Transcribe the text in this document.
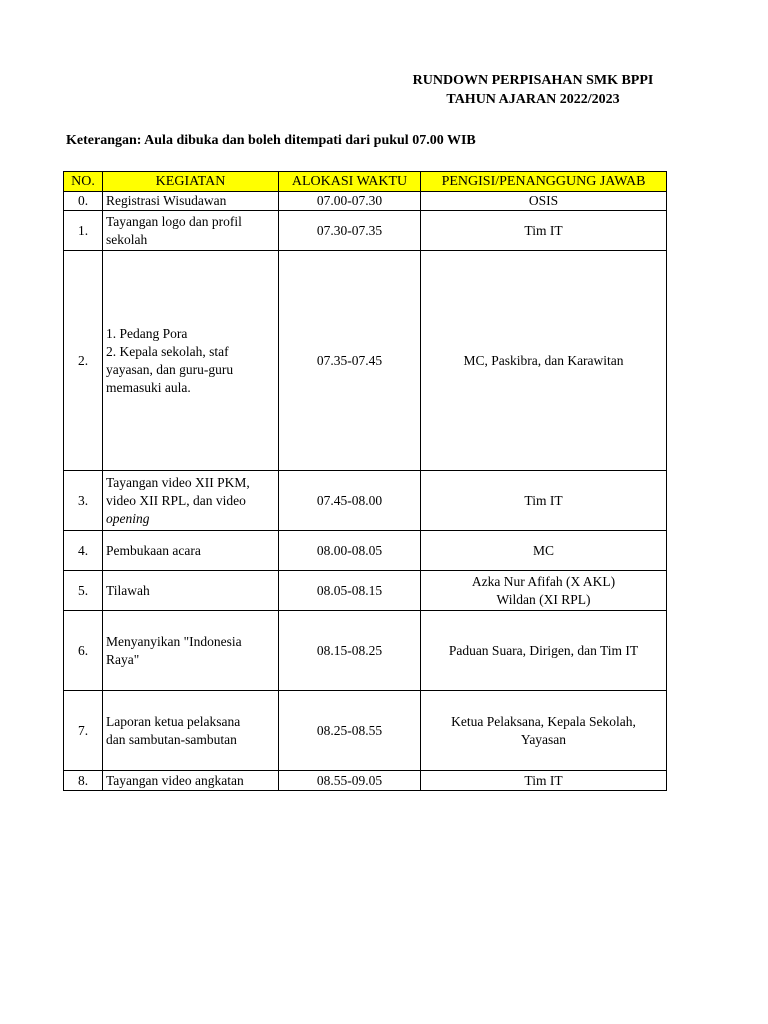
RUNDOWN PERPISAHAN SMK BPPI
TAHUN AJARAN 2022/2023
Keterangan: Aula dibuka dan boleh ditempati dari pukul 07.00 WIB
NO.	KEGIATAN	ALOKASI WAKTU	PENGISI/PENANGGUNG JAWAB
0.	Registrasi Wisudawan	07.00-07.30	OSIS
1.	Tayangan logo dan profil
sekolah	07.30-07.35	Tim IT
2.	1. Pedang Pora
2. Kepala sekolah, staf
yayasan, dan guru-guru
memasuki aula.	07.35-07.45	MC, Paskibra, dan Karawitan
3.	Tayangan video XII PKM,
video XII RPL, dan video
opening	07.45-08.00	Tim IT
4.	Pembukaan acara	08.00-08.05	MC
5.	Tilawah	08.05-08.15	Azka Nur Afifah (X AKL)
Wildan (XI RPL)
6.	Menyanyikan "Indonesia
Raya"	08.15-08.25	Paduan Suara, Dirigen, dan Tim IT
7.	Laporan ketua pelaksana
dan sambutan-sambutan	08.25-08.55	Ketua Pelaksana, Kepala Sekolah,
Yayasan
8.	Tayangan video angkatan	08.55-09.05	Tim IT
